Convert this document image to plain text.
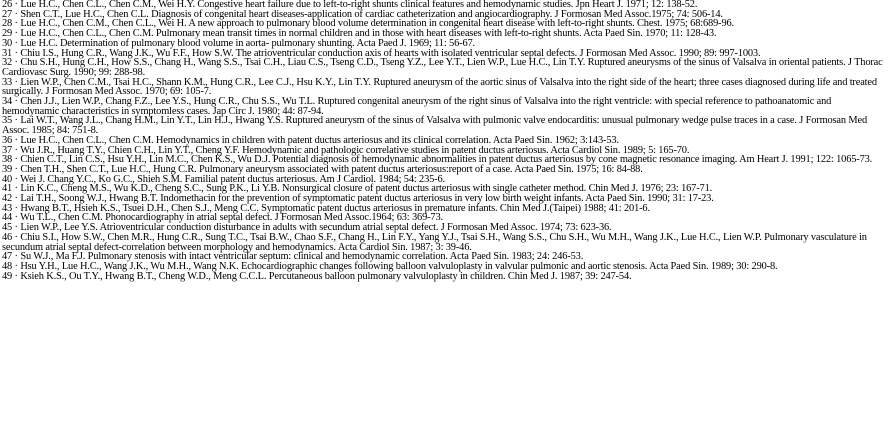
26 · Lue H.C., Chen C.L., Chen C.M., Wei H.Y. Congestive heart failure due to left-to-right shunts clinical features and hemodynamic studies. Jpn Heart J. 1971; 12: 138-52.

27 · Shen C.T., Lue H.C., Chen C.L. Diagnosis of congenital heart diseases-application of cardiac catheterization and angiocardiography. J Formosan Med Assoc.1975; 74: 506-14.

28 · Lue H.C., Chen C.M., Chen C.L., Wei H. A new approach to pulmonary blood volume determination in congenital heart disease with left-to-right shunts. Chest. 1975; 68:689-96.

29 · Lue H.C., Chen C.L., Chen C.M. Pulmonary mean transit times in normal children and in those with heart diseases with left-to-right shunts. Acta Paed Sin. 1970; 11: 128-43.

30 · Lue H.C. Determination of pulmonary blood volume in aorta- pulmonary shunting. Acta Paed J. 1969; 11: 56-67.

31 · Chiu I.S., Hung C.R., Wang J.K., Wu F.F., How S.W. The atrioventricular conduction axis of hearts with isolated ventricular septal defects. J Formosan Med Assoc. 1990; 89: 997-1003.

32 · Chu S.H., Hung C.H., How S.S., Chang H., Wang S.S., Tsai C.H., Liau C.S., Tseng C.D., Tseng Y.Z., Lee Y.T., Lien W.P., Lue H.C., Lin T.Y. Ruptured aneurysms of the sinus of Valsalva in oriental patients. J Thorac Cardiovasc Surg. 1990; 99: 288-98.

33 · Lien W.P., Chen C.M., Tsai H.C., Shann K.M., Hung C.R., Lee C.J., Hsu K.Y., Lin T.Y. Ruptured aneurysm of the aortic sinus of Valsalva into the right side of the heart; three cases diagnosed during life and treated surgically. J Formosan Med Assoc. 1970; 69: 105-7.

34 · Chen J.J., Lien W.P., Chang F.Z., Lee Y.S., Hung C.R., Chu S.S., Wu T.L. Ruptured congenital aneurysm of the right sinus of Valsalva into the right ventricle: with special reference to pathoanatomic and hemodynamic characteristics in symptomless cases. Jap Circ J. 1980; 44: 87-94.

35 · Lai W.T., Wang J.L., Chang H.M., Lin Y.T., Lin H.J., Hwang Y.S. Ruptured aneurysm of the sinus of Valsalva with pulmonic valve endocarditis: unusual pulmonary wedge pulse traces in a case. J Formosan Med Assoc. 1985; 84: 751-8.

36 · Lue H.C., Chen C.L., Chen C.M. Hemodynamics in children with patent ductus arteriosus and its clinical correlation. Acta Paed Sin. 1962; 3:143-53.

37 · Wu J.R., Huang T.Y., Chien C.H., Lin Y.T., Cheng Y.F. Hemodynamic and pathologic correlative studies in patent ductus arteriosus. Acta Cardiol Sin. 1989; 5: 165-70.

38 · Chien C.T., Lin C.S., Hsu Y.H., Lin M.C., Chen K.S., Wu D.J. Potential diagnosis of hemodynamic abnormalities in patent ductus arteriosus by cone magnetic resonance imaging. Am Heart J. 1991; 122: 1065-73.

39 · Chen T.H., Shen C.T., Lue H.C., Hung C.R. Pulmonary aneurysm associated with patent ductus arteriosus:report of a case. Acta Paed Sin. 1975; 16: 84-88.

40 · Wei J. Chang Y.C., Ko G.C., Shieh S.M. Familial patent ductus arteriosus. Am J Cardiol. 1984; 54: 235-6.

41 · Lin K.C., Cheng M.S., Wu K.D., Cheng S.C., Sung P.K., Li Y.B. Nonsurgical closure of patent ductus arteriosus with single catheter method. Chin Med J. 1976; 23: 167-71.

42 · Lai T.H., Soong W.J., Hwang B.T. Indomethacin for the prevention of symptomatic patent ductus arteriosus in very low birth weight infants. Acta Paed Sin. 1990; 31: 17-23.

43 · Hwang B.T., Hsieh K.S., Tsuei D.H., Chen S.J., Meng C.C. Symptomatic patent ductus arteriosus in premature infants. Chin Med J.(Taipei) 1988; 41: 201-6.

44 · Wu T.L., Chen C.M. Phonocardiography in atrial septal defect. J Formosan Med Assoc.1964; 63: 369-73.

45 · Lien W.P., Lee Y.S. Atrioventricular conduction disturbance in adults with secundum atrial septal defect. J Formosan Med Assoc. 1974; 73: 623-36.

46 · Chiu S.I., How S.W., Chen M.R., Hung C.R., Sung T.C., Tsai B.W., Chao S.F., Chang H., Lin F.Y., Yang Y.J., Tsai S.H., Wang S.S., Chu S.H., Wu M.H., Wang J.K., Lue H.C., Lien W.P. Pulmonary vasculature in secundum atrial septal defect-correlation between morphology and hemodynamics. Acta Cardiol Sin. 1987; 3: 39-46.

47 · Su W.J., Ma F.J. Pulmonary stenosis with intact ventricular septum: clinical and hemodynamic correlation. Acta Paed Sin. 1983; 24: 246-53.

48 · Hsu Y.H., Lue H.C., Wang J.K., Wu M.H., Wang N.K. Echocardiographic changes following balloon valvuloplasty in valvular pulmonic and aortic stenosis. Acta Paed Sin. 1989; 30: 290-8.

49 · Ksieh K.S., Ou T.Y., Hwang B.T., Cheng W.D., Meng C.C.L. Percutaneous balloon pulmonary valvuloplasty in children. Chin Med J. 1987; 39: 247-54.
